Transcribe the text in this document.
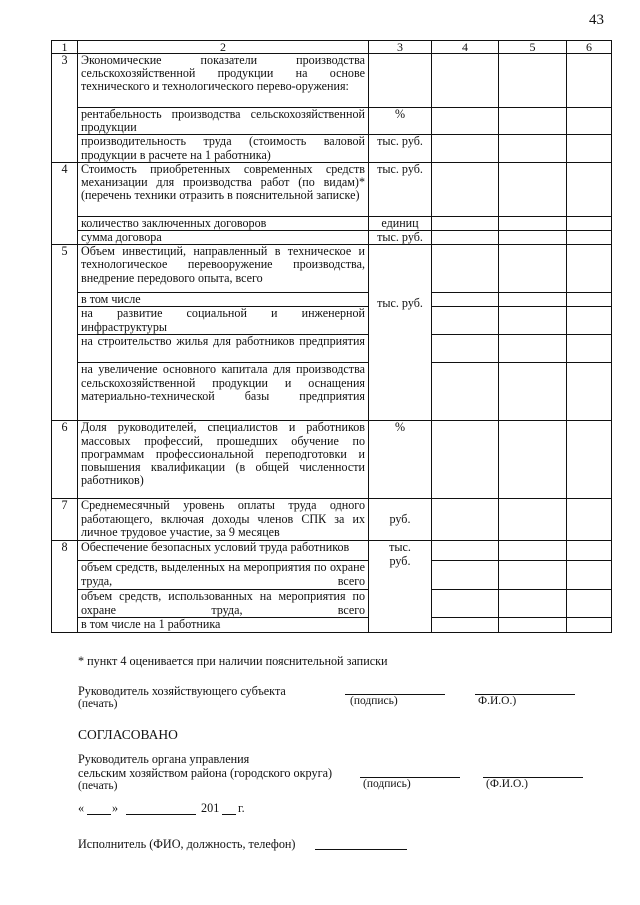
43
1	2	3	4	5	6
3	Экономические показатели производства сельскохозяйственной продукции на основе технического и технологического перево-оружения:				
	рентабельность производства сельскохозяйственной продукции	%			
	производительность труда (стоимость валовой продукции в расчете на 1 работника)	тыс. руб.			
4	Стоимость приобретенных современных средств механизации для производства работ (по видам)* (перечень техники отразить в пояснительной записке)	тыс. руб.			
	количество заключенных договоров	единиц			
	сумма договора	тыс. руб.			
5	Объем инвестиций, направленный в техническое и технологическое перевооружение производства, внедрение передового опыта, всего	тыс. руб.			
	в том числе				
	на развитие социальной и инженерной инфраструктуры				
	на строительство жилья для работников предприятия				
	на увеличение основного капитала для производства сельскохозяйственной продукции и оснащения материально-технической базы предприятия				
6	Доля руководителей, специалистов и работников массовых профессий, прошедших обучение по программам профессиональной переподготовки и повышения квалификации (в общей численности работников)	%			
7	Среднемесячный уровень оплаты труда одного работающего, включая доходы членов СПК за их личное трудовое участие, за 9 месяцев	руб.			
8	Обеспечение безопасных условий труда работников	тыс. руб.			
	объем средств, выделенных на мероприятия по охране труда, всего				
	объем средств, использованных на мероприятия по охране труда, всего				
	в том числе на 1 работника				
* пункт 4 оценивается при наличии пояснительной записки
Руководитель хозяйствующего субъекта
(печать)	(подпись)	Ф.И.О.)
СОГЛАСОВАНО
Руководитель органа управления
сельским хозяйством района (городского округа)
(печать)	(подпись)	(Ф.И.О.)
« »	201 г.
Исполнитель (ФИО, должность, телефон)
